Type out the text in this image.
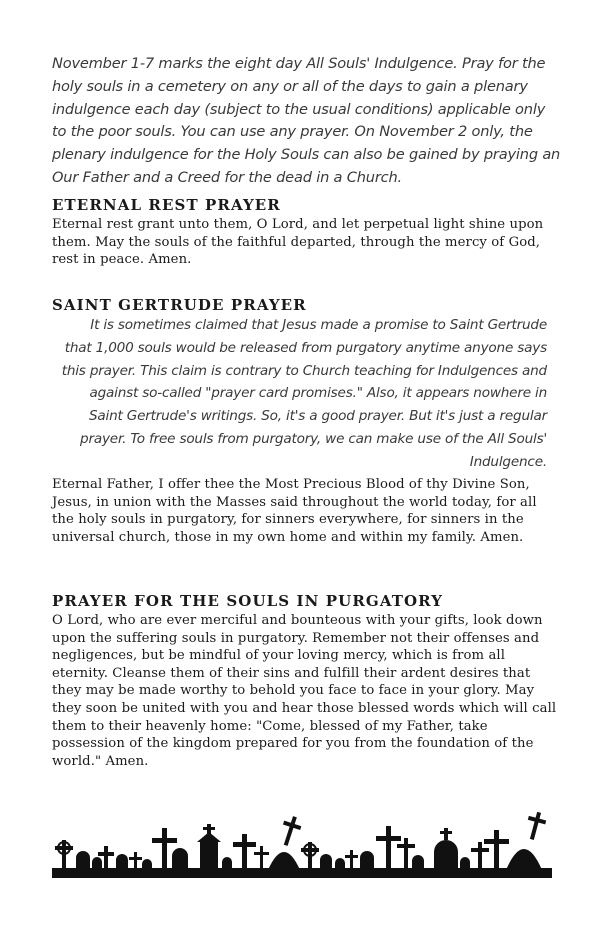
November 1-7 marks the eight day All Souls' Indulgence. Pray for the holy souls in a cemetery on any or all of the days to gain a plenary indulgence each day (subject to the usual conditions) applicable only to the poor souls. You can use any prayer. On November 2 only, the plenary indulgence for the Holy Souls can also be gained by praying an Our Father and a Creed for the dead in a Church.
ETERNAL REST PRAYER
Eternal rest grant unto them, O Lord, and let perpetual light shine upon them. May the souls of the faithful departed, through the mercy of God, rest in peace. Amen.
SAINT GERTRUDE PRAYER
It is sometimes claimed that Jesus made a promise to Saint Gertrude that 1,000 souls would be released from purgatory anytime anyone says this prayer. This claim is contrary to Church teaching for Indulgences and against so-called "prayer card promises." Also, it appears nowhere in Saint Gertrude's writings. So, it's a good prayer. But it's just a regular prayer. To free souls from purgatory, we can make use of the All Souls' Indulgence.
Eternal Father, I offer thee the Most Precious Blood of thy Divine Son, Jesus, in union with the Masses said throughout the world today, for all the holy souls in purgatory, for sinners everywhere, for sinners in the universal church, those in my own home and within my family. Amen.
PRAYER FOR THE SOULS IN PURGATORY
O Lord, who are ever merciful and bounteous with your gifts, look down upon the suffering souls in purgatory. Remember not their offenses and negligences, but be mindful of your loving mercy, which is from all eternity. Cleanse them of their sins and fulfill their ardent desires that they may be made worthy to behold you face to face in your glory. May they soon be united with you and hear those blessed words which will call them to their heavenly home: "Come, blessed of my Father, take possession of the kingdom prepared for you from the foundation of the world." Amen.
